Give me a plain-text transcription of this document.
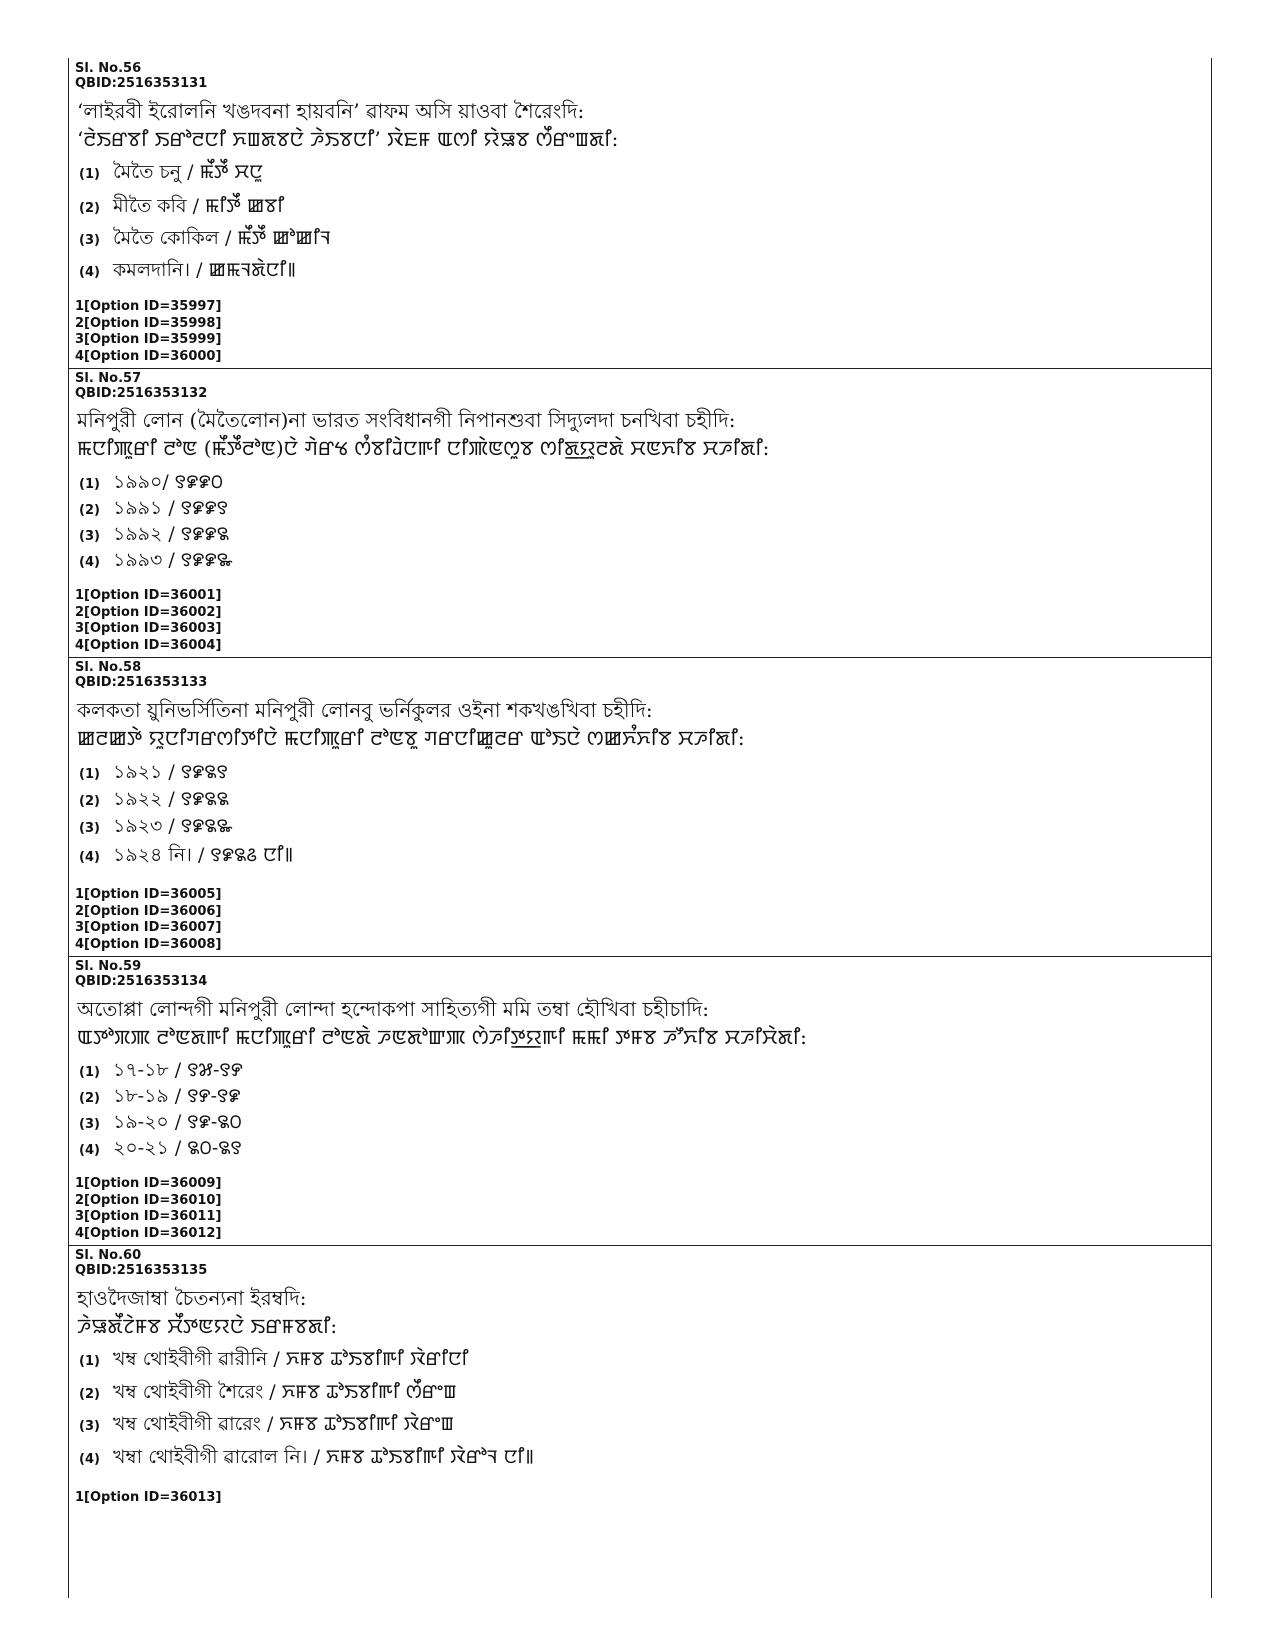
Sl. No.56
QBID:2516353131
‘লাইরবী ইরোলনি খঙদবনা হায়বনি’ ৱাফম অসি য়াওবা শৈরেংদি:
‘ꯂꯥꯏꯔꯕꯤ ꯏꯔꯣꯂꯅꯤ ꯈꯡꯗꯕꯅꯥ ꯍꯥꯏꯕꯅꯤ’ ꯋꯥꯐꯝ ꯑꯁꯤ ꯌꯥꯎꯕ ꯁꯩꯔꯦꯡꯗꯤ:
(1) মৈতৈ চনু / ꯃꯩꯇꯩ ꯆꯅꯨ
(2) মীতৈ কবি / ꯃꯤꯇꯩ ꯀꯕꯤ
(3) মৈতৈ কোকিল / ꯃꯩꯇꯩ ꯀꯣꯀꯤꯜ
(4) কমলদানি। / ꯀꯃꯜꯗꯥꯅꯤ꯫
1[Option ID=35997]
2[Option ID=35998]
3[Option ID=35999]
4[Option ID=36000]
Sl. No.57
QBID:2516353132
মনিপুরী লোন (মৈতৈলোন)না ভারত সংবিধানগী নিপানশুবা সিদ্যুলদা চনখিবা চহীদি:
ꯃꯅꯤꯄꯨꯔꯤ ꯂꯣꯟ (ꯃꯩꯇꯩꯂꯣꯟ)ꯅꯥ ꯚꯥꯔꯠ ꯁꯪꯕꯤꯙꯥꯅꯒꯤ ꯅꯤꯄꯥꯟꯁꯨꯕ ꯁꯤꯗ꯭ꯌꯨꯂꯗꯥ ꯆꯟꯈꯤꯕ ꯆꯍꯤꯗꯤ:
(1) ১৯৯০/ ꯱꯹꯹꯰
(2) ১৯৯১ / ꯱꯹꯹꯱
(3) ১৯৯২ / ꯱꯹꯹꯲
(4) ১৯৯৩ / ꯱꯹꯹꯳
1[Option ID=36001]
2[Option ID=36002]
3[Option ID=36003]
4[Option ID=36004]
Sl. No.58
QBID:2516353133
কলকতা য়ুনিভর্সিতিনা মনিপুরী লোনবু ভর্নিকুলর ওইনা শকখঙখিবা চহীদি:
ꯀꯂꯀꯇꯥ ꯌꯨꯅꯤꯚꯔꯁꯤꯇꯤꯅꯥ ꯃꯅꯤꯄꯨꯔꯤ ꯂꯣꯟꯕꯨ ꯚꯔꯅꯤꯀꯨꯂꯔ ꯑꯣꯏꯅꯥ ꯁꯀꯈꯪꯈꯤꯕ ꯆꯍꯤꯗꯤ:
(1) ১৯২১ / ꯱꯹꯲꯱
(2) ১৯২২ / ꯱꯹꯲꯲
(3) ১৯২৩ / ꯱꯹꯲꯳
(4) ১৯২৪ নি। / ꯱꯹꯲꯴ ꯅꯤ꯫
1[Option ID=36005]
2[Option ID=36006]
3[Option ID=36007]
4[Option ID=36008]
Sl. No.59
QBID:2516353134
অতোপ্পা লোন্দগী মনিপুরী লোন্দা হন্দোকপা সাহিত্যগী মমি তম্বা হৌখিবা চহীচাদি:
ꯑꯇꯣꯞꯄ ꯂꯣꯟꯗꯒꯤ ꯃꯅꯤꯄꯨꯔꯤ ꯂꯣꯟꯗꯥ ꯍꯟꯗꯣꯛꯄ ꯁꯥꯍꯤꯇ꯭ꯌꯒꯤ ꯃꯃꯤ ꯇꯝꯕ ꯍꯧꯈꯤꯕ ꯆꯍꯤꯆꯥꯗꯤ:
(1) ১৭-১৮ / ꯱꯷-꯱꯸
(2) ১৮-১৯ / ꯱꯸-꯱꯹
(3) ১৯-২০ / ꯱꯹-꯲꯰
(4) ২০-২১ / ꯲꯰-꯲꯱
1[Option ID=36009]
2[Option ID=36010]
3[Option ID=36011]
4[Option ID=36012]
Sl. No.60
QBID:2516353135
হাওদৈজাম্বা চৈতন্যনা ইরম্বদি:
ꯍꯥꯎꯗꯩꯖꯥꯝꯕ ꯆꯩꯇꯟꯌꯅꯥ ꯏꯔꯝꯕꯗꯤ:
(1) খম্ব থোইবীগী ৱারীনি / ꯈꯝꯕ ꯊꯣꯏꯕꯤꯒꯤ ꯋꯥꯔꯤꯅꯤ
(2) খম্ব থোইবীগী শৈরেং / ꯈꯝꯕ ꯊꯣꯏꯕꯤꯒꯤ ꯁꯩꯔꯦꯡ
(3) খম্ব থোইবীগী ৱারেং / ꯈꯝꯕ ꯊꯣꯏꯕꯤꯒꯤ ꯋꯥꯔꯦꯡ
(4) খম্বা থোইবীগী ৱারোল নি। / ꯈꯝꯕ ꯊꯣꯏꯕꯤꯒꯤ ꯋꯥꯔꯣꯜ ꯅꯤ꯫
1[Option ID=36013]
